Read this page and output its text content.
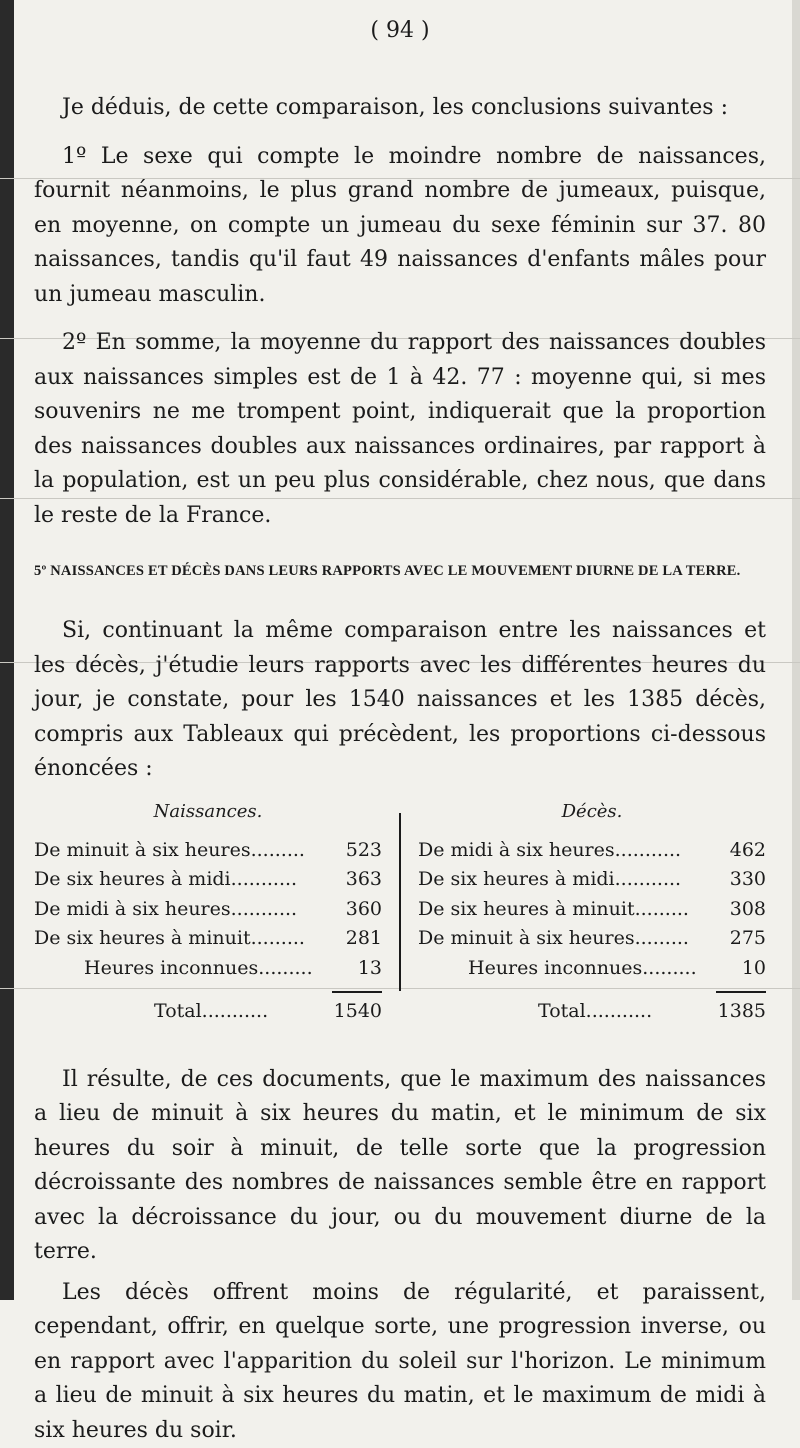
( 94 )

Je déduis, de cette comparaison, les conclusions suivantes :

1º Le sexe qui compte le moindre nombre de naissances, fournit néanmoins, le plus grand nombre de jumeaux, puisque, en moyenne, on compte un jumeau du sexe féminin sur 37. 80 naissances, tandis qu'il faut 49 naissances d'enfants mâles pour un jumeau masculin.

2º En somme, la moyenne du rapport des naissances doubles aux naissances simples est de 1 à 42. 77 : moyenne qui, si mes souvenirs ne me trompent point, indiquerait que la proportion des naissances doubles aux naissances ordinaires, par rapport à la population, est un peu plus considérable, chez nous, que dans le reste de la France.

5º NAISSANCES ET DÉCÈS DANS LEURS RAPPORTS AVEC LE MOUVEMENT DIURNE DE LA TERRE.

Si, continuant la même comparaison entre les naissances et les décès, j'étudie leurs rapports avec les différentes heures du jour, je constate, pour les 1540 naissances et les 1385 décès, compris aux Tableaux qui précèdent, les proportions ci-dessous énoncées :

Naissances.
De minuit à six heures......... 523
De six heures à midi...........	363
De midi à six heures...........	360
De six heures à minuit......... 281
Heures inconnues......... 13
Total...........	1540
Décès.
De midi à six heures...........	462
De six heures à midi...........	330
De six heures à minuit......... 308
De minuit à six heures......... 275
Heures inconnues......... 10
Total...........	1385

Il résulte, de ces documents, que le maximum des naissances a lieu de minuit à six heures du matin, et le minimum de six heures du soir à minuit, de telle sorte que la progression décroissante des nombres de naissances semble être en rapport avec la décroissance du jour, ou du mouvement diurne de la terre.

Les décès offrent moins de régularité, et paraissent, cependant, offrir, en quelque sorte, une progression inverse, ou en rapport avec l'apparition du soleil sur l'horizon. Le minimum a lieu de minuit à six heures du matin, et le maximum de midi à six heures du soir.
